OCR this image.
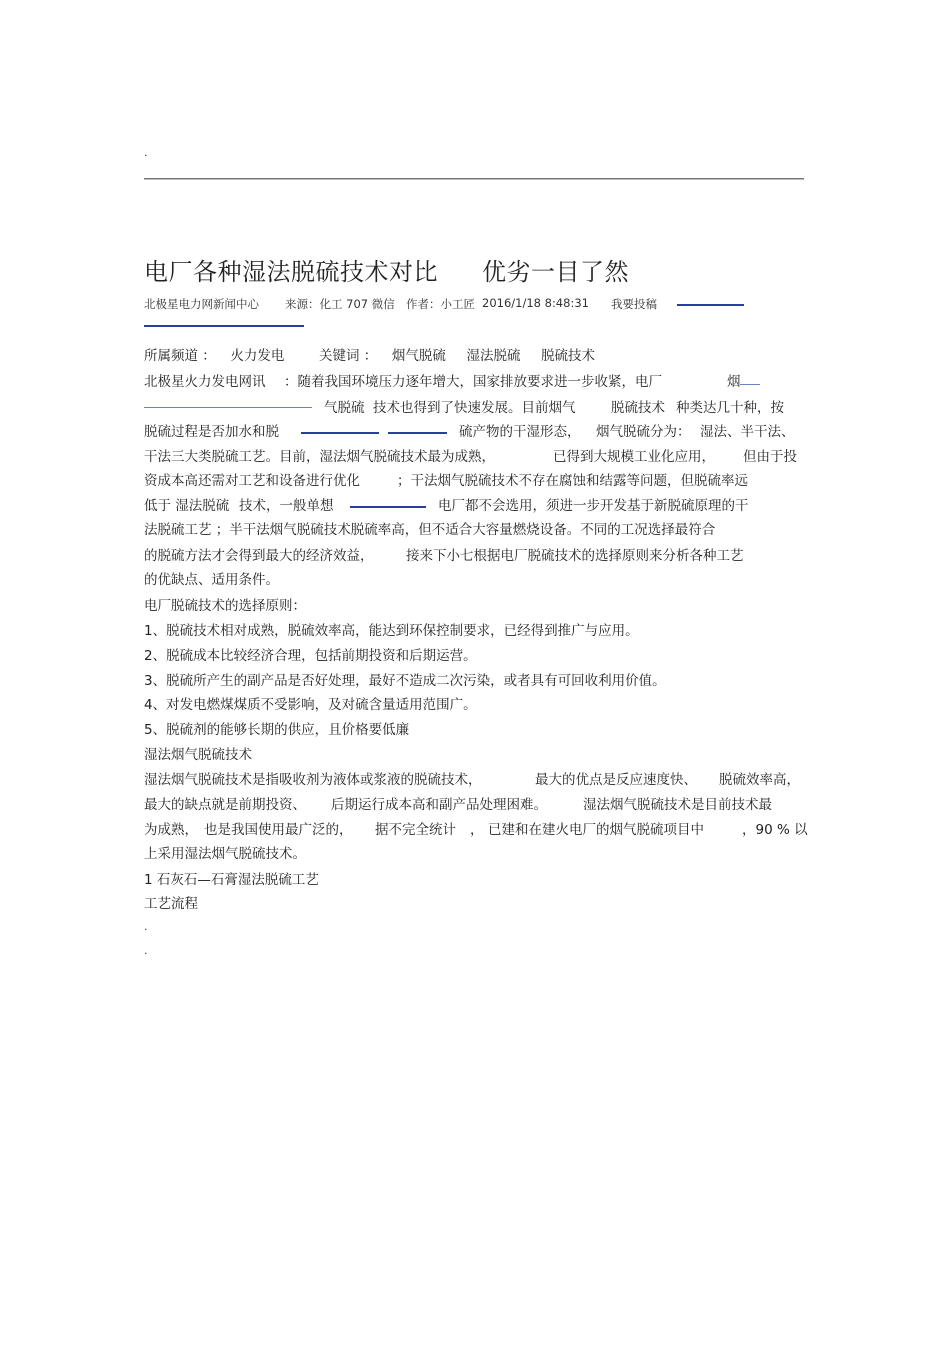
.
电厂各种湿法脱硫技术对比 优劣一目了然
北极星电力网新闻中心 来源：化工 707 微信 作者：小工匠 2016/1/18 8:48:31 我要投稿
所属频道 ： 火力发电	关键词 ： 烟气脱硫 湿法脱硫 脱硫技术
北极星火力发电网讯 ：随着我国环境压力逐年增大，国家排放要求进一步收紧，电厂	烟
气脱硫 技术也得到了快速发展。目前烟气	脱硫技术 种类达几十种，按
脱硫过程是否加水和脱	硫产物的干湿形态， 烟气脱硫分为： 湿法、半干法、
干法三大类脱硫工艺。目前，湿法烟气脱硫技术最为成熟，	已得到大规模工业化应用， 但由于投
资成本高还需对工艺和设备进行优化	；干法烟气脱硫技术不存在腐蚀和结露等问题，但脱硫率远
低于 湿法脱硫 技术，一般单想	电厂都不会选用，须进一步开发基于新脱硫原理的干
法脱硫工艺 ；半干法烟气脱硫技术脱硫率高，但不适合大容量燃烧设备。不同的工况选择最符合
的脱硫方法才会得到最大的经济效益， 接来下小七根据电厂脱硫技术的选择原则来分析各种工艺
的优缺点、适用条件。
电厂脱硫技术的选择原则：
1、脱硫技术相对成熟，脱硫效率高，能达到环保控制要求，已经得到推广与应用。
2、脱硫成本比较经济合理，包括前期投资和后期运营。
3、脱硫所产生的副产品是否好处理，最好不造成二次污染，或者具有可回收利用价值。
4、对发电燃煤煤质不受影响，及对硫含量适用范围广。
5、脱硫剂的能够长期的供应，且价格要低廉
湿法烟气脱硫技术
湿法烟气脱硫技术是指吸收剂为液体或浆液的脱硫技术，	最大的优点是反应速度快、 脱硫效率高，
最大的缺点就是前期投资、 后期运行成本高和副产品处理困难。	湿法烟气脱硫技术是目前技术最
为成熟， 也是我国使用最广泛的， 据不完全统计 ， 已建和在建火电厂的烟气脱硫项目中	，90 % 以
上采用湿法烟气脱硫技术。
1 石灰石—石膏湿法脱硫工艺
工艺流程
.
.
